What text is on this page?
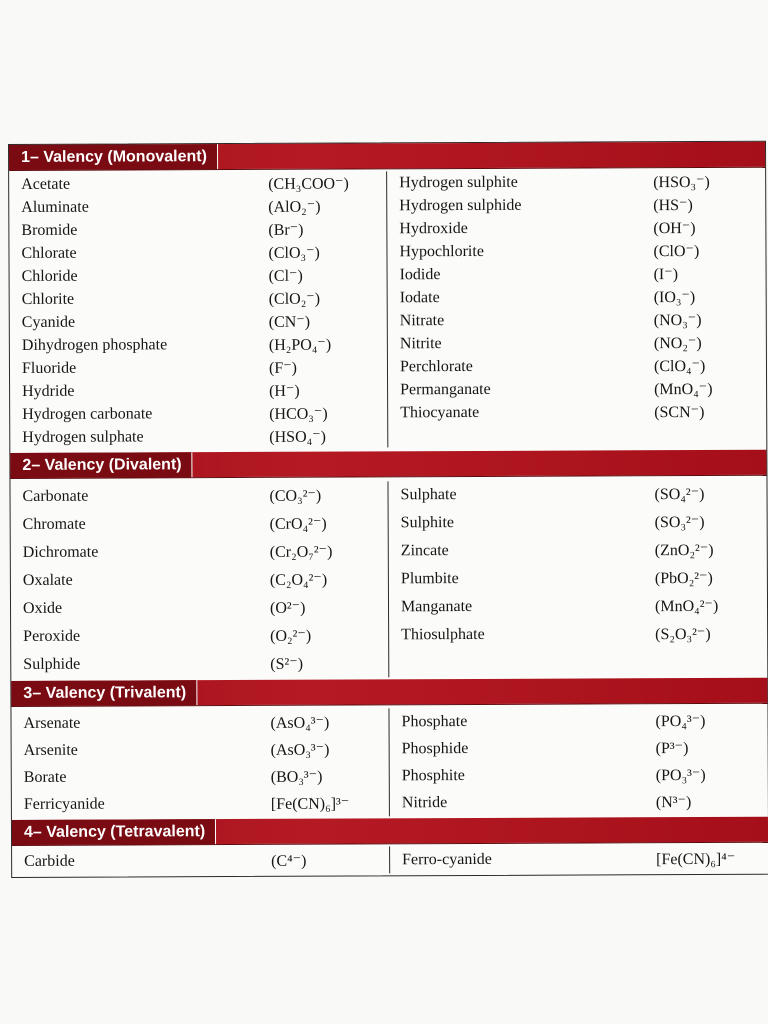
1– Valency (Monovalent)
Acetate	(CH₃COO⁻)
Aluminate	(AlO₂⁻)
Bromide	(Br⁻)
Chlorate	(ClO₃⁻)
Chloride	(Cl⁻)
Chlorite	(ClO₂⁻)
Cyanide	(CN⁻)
Dihydrogen phosphate	(H₂PO₄⁻)
Fluoride	(F⁻)
Hydride	(H⁻)
Hydrogen carbonate	(HCO₃⁻)
Hydrogen sulphate	(HSO₄⁻)
Hydrogen sulphite	(HSO₃⁻)
Hydrogen sulphide	(HS⁻)
Hydroxide	(OH⁻)
Hypochlorite	(ClO⁻)
Iodide	(I⁻)
Iodate	(IO₃⁻)
Nitrate	(NO₃⁻)
Nitrite	(NO₂⁻)
Perchlorate	(ClO₄⁻)
Permanganate	(MnO₄⁻)
Thiocyanate	(SCN⁻)
2– Valency (Divalent)
Carbonate	(CO₃²⁻)
Chromate	(CrO₄²⁻)
Dichromate	(Cr₂O₇²⁻)
Oxalate	(C₂O₄²⁻)
Oxide	(O²⁻)
Peroxide	(O₂²⁻)
Sulphide	(S²⁻)
Sulphate	(SO₄²⁻)
Sulphite	(SO₃²⁻)
Zincate	(ZnO₂²⁻)
Plumbite	(PbO₂²⁻)
Manganate	(MnO₄²⁻)
Thiosulphate	(S₂O₃²⁻)
3– Valency (Trivalent)
Arsenate	(AsO₄³⁻)
Arsenite	(AsO₃³⁻)
Borate	(BO₃³⁻)
Ferricyanide	[Fe(CN)₆]³⁻
Phosphate	(PO₄³⁻)
Phosphide	(P³⁻)
Phosphite	(PO₃³⁻)
Nitride	(N³⁻)
4– Valency (Tetravalent)
Carbide	(C⁴⁻)	Ferro-cyanide	[Fe(CN)₆]⁴⁻
